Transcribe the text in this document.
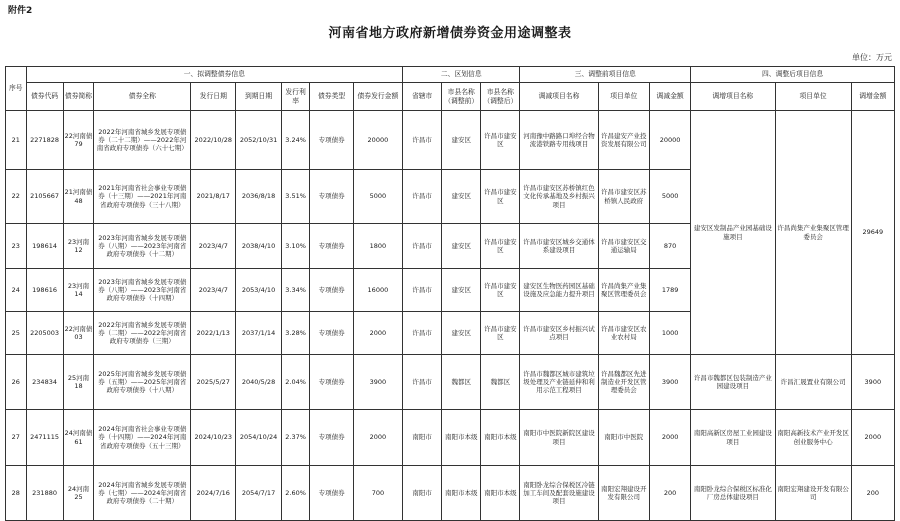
附件2
河南省地方政府新增债券资金用途调整表
单位：万元
序号	一、拟调整债券信息								二、区划信息			三、调整前项目信息			四、调整后项目信息		
	债券代码	债券简称	债券全称	发行日期	到期日期	发行利率	债券类型	债券发行金额	省辖市	市县名称（调整前）	市县名称（调整后）	调减项目名称	项目单位	调减金额	调增项目名称	项目单位	调增金额
21	2271828	22河南债79	2022年河南省城乡发展专项债券（二十二期）——2022年河南省政府专项债券（六十七期）	2022/10/28	2052/10/31	3.24%	专项债券	20000	许昌市	建安区	许昌市建安区	河南豫中路路口埠经合物流港铁路专用线项目	许昌建安产业投资发展有限公司	20000	建安区发制品产业园基础设施项目	许昌尚集产业集聚区管理委员会	29649
22	2105667	21河南债48	2021年河南省社会事业专项债券（十三期）——2021年河南省政府专项债券（三十八期）	2021/8/17	2036/8/18	3.51%	专项债券	5000	许昌市	建安区	许昌市建安区	许昌市建安区苏桥镇红色文化传承基地及乡村振兴项目	许昌市建安区苏桥镇人民政府	5000			
23	198614	23河南12	2023年河南省城乡发展专项债券（八期）——2023年河南省政府专项债券（十二期）	2023/4/7	2038/4/10	3.10%	专项债券	1800	许昌市	建安区	许昌市建安区	许昌市建安区城乡交通体系建设项目	许昌市建安区交通运输局	870			
24	198616	23河南14	2023年河南省城乡发展专项债券（八期）——2023年河南省政府专项债券（十四期）	2023/4/7	2053/4/10	3.34%	专项债券	16000	许昌市	建安区	许昌市建安区	建安区生物医药园区基础设施及应急能力提升项目	许昌尚集产业集聚区管理委员会	1789			
25	2205003	22河南债03	2022年河南省城乡发展专项债券（二期）——2022年河南省政府专项债券（三期）	2022/1/13	2037/1/14	3.28%	专项债券	2000	许昌市	建安区	许昌市建安区	许昌市建安区乡村振兴试点项目	许昌市建安区农业农村局	1000			
26	234834	25河南18	2025年河南省城乡发展专项债券（五期）——2025年河南省政府专项债券（十八期）	2025/5/27	2040/5/28	2.04%	专项债券	3900	许昌市	魏都区	魏都区	许昌市魏都区城市建筑垃圾处理及产业链延伸和利用示范工程项目	许昌魏都区先进制造业开发区管理委员会	3900	许昌市魏都区包装制造产业园建设项目	许昌汇晟置业有限公司	3900
27	2471115	24河南债61	2024年河南省社会事业专项债券（十四期）——2024年河南省政府专项债券（五十三期）	2024/10/23	2054/10/24	2.37%	专项债券	2000	南阳市	南阳市本级	南阳市本级	南阳市中医院新院区建设项目	南阳市中医院	2000	南阳高新区房屋工业园建设项目	南阳高新技术产业开发区创业服务中心	2000
28	231880	24河南25	2024年河南省城乡发展专项债券（七期）——2024年河南省政府专项债券（二十期）	2024/7/16	2054/7/17	2.60%	专项债券	700	南阳市	南阳市本级	南阳市本级	南阳卧龙综合保税区冷链加工车间及配套设施建设项目	南阳宏翔建设开发有限公司	200	南阳卧龙综合保税区标准化厂房总体建设项目	南阳宏翔建设开发有限公司	200
